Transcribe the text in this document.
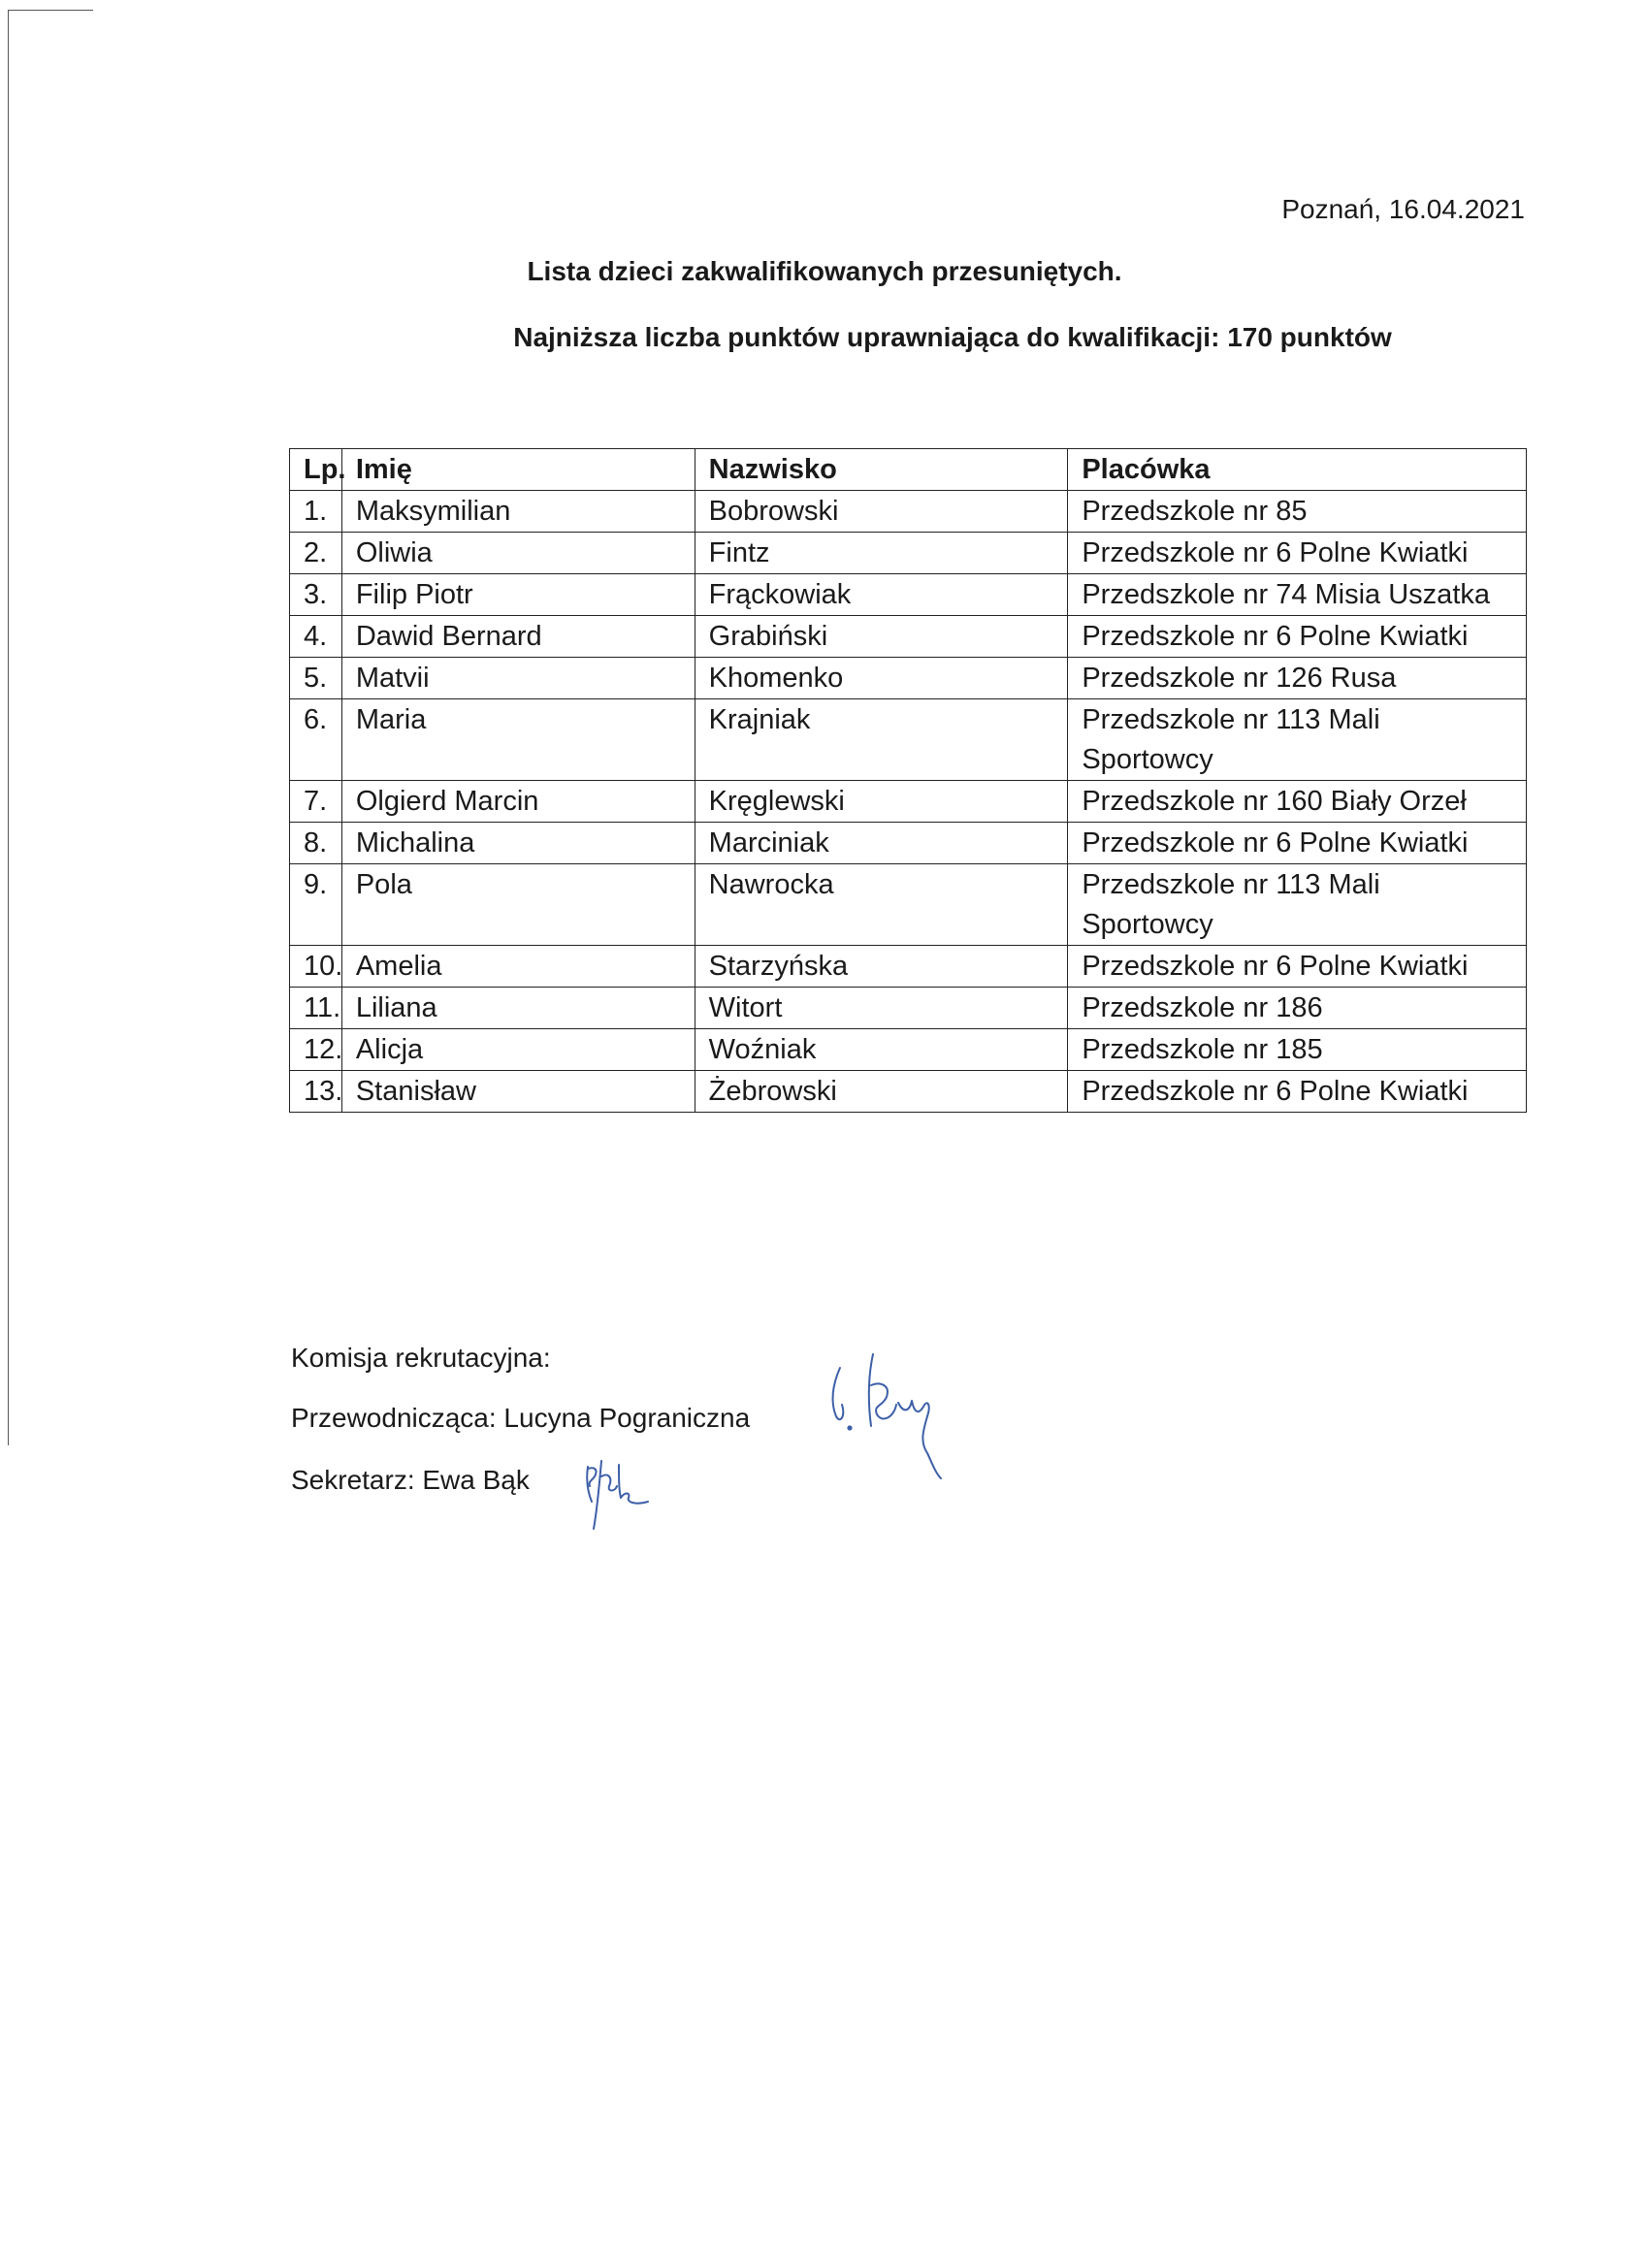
Poznań, 16.04.2021
Lista dzieci zakwalifikowanych przesuniętych.
Najniższa liczba punktów uprawniająca do kwalifikacji: 170 punktów
Lp.	Imię	Nazwisko	Placówka
1.	Maksymilian	Bobrowski	Przedszkole nr 85
2.	Oliwia	Fintz	Przedszkole nr 6 Polne Kwiatki
3.	Filip Piotr	Frąckowiak	Przedszkole nr 74 Misia Uszatka
4.	Dawid Bernard	Grabiński	Przedszkole nr 6 Polne Kwiatki
5.	Matvii	Khomenko	Przedszkole nr 126 Rusa
6.	Maria	Krajniak	Przedszkole nr 113 Mali Sportowcy
7.	Olgierd Marcin	Kręglewski	Przedszkole nr 160 Biały Orzeł
8.	Michalina	Marciniak	Przedszkole nr 6 Polne Kwiatki
9.	Pola	Nawrocka	Przedszkole nr 113 Mali Sportowcy
10.	Amelia	Starzyńska	Przedszkole nr 6 Polne Kwiatki
11.	Liliana	Witort	Przedszkole nr 186
12.	Alicja	Woźniak	Przedszkole nr 185
13.	Stanisław	Żebrowski	Przedszkole nr 6 Polne Kwiatki
Komisja rekrutacyjna:
Przewodnicząca: Lucyna Pograniczna
Sekretarz: Ewa Bąk
